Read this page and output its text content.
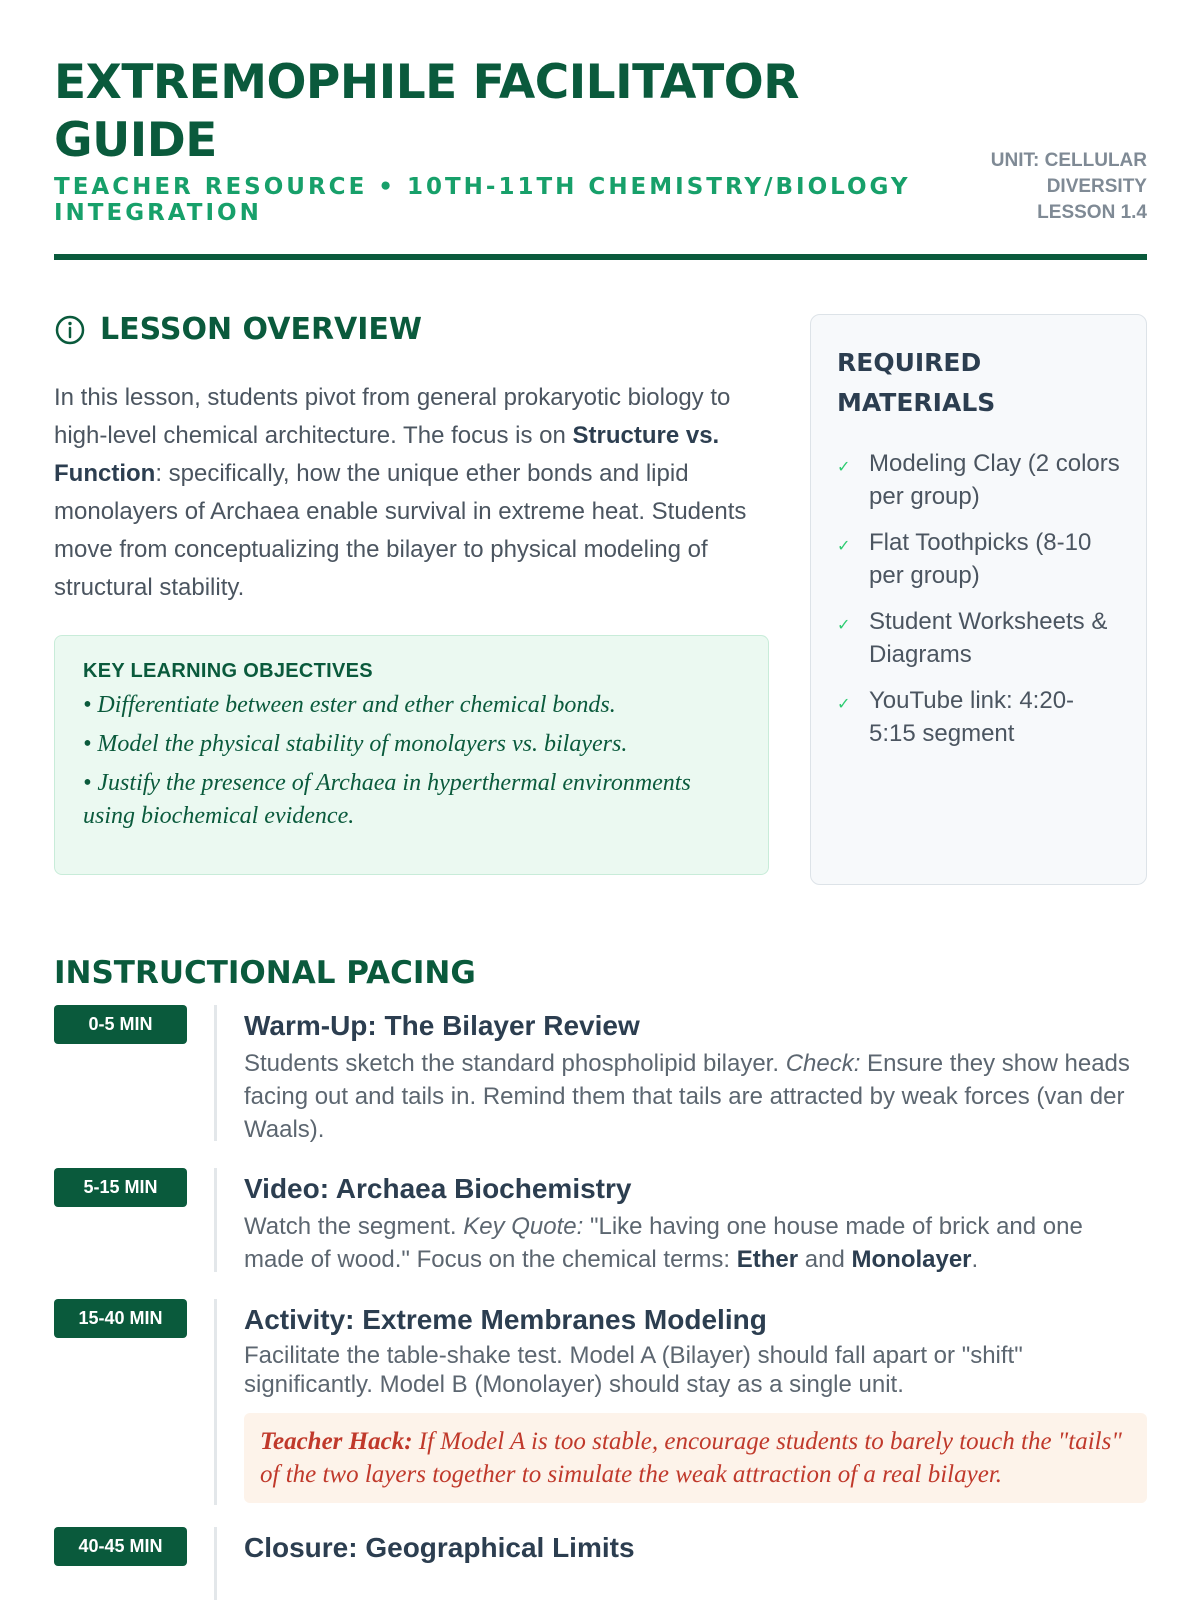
EXTREMOPHILE FACILITATOR GUIDE
TEACHER RESOURCE • 10TH-11TH CHEMISTRY/BIOLOGY INTEGRATION
UNIT: CELLULAR
DIVERSITY
LESSON 1.4
LESSON OVERVIEW
In this lesson, students pivot from general prokaryotic biology to high-level chemical architecture. The focus is on Structure vs. Function: specifically, how the unique ether bonds and lipid monolayers of Archaea enable survival in extreme heat. Students move from conceptualizing the bilayer to physical modeling of structural stability.
KEY LEARNING OBJECTIVES
• Differentiate between ester and ether chemical bonds.
• Model the physical stability of monolayers vs. bilayers.
• Justify the presence of Archaea in hyperthermal environments using biochemical evidence.
REQUIRED MATERIALS
✓ Modeling Clay (2 colors per group)
✓ Flat Toothpicks (8-10 per group)
✓ Student Worksheets & Diagrams
✓ YouTube link: 4:20-5:15 segment
INSTRUCTIONAL PACING
0-5 MIN	Warm-Up: The Bilayer Review
Students sketch the standard phospholipid bilayer. Check: Ensure they show heads facing out and tails in. Remind them that tails are attracted by weak forces (van der Waals).
5-15 MIN	Video: Archaea Biochemistry
Watch the segment. Key Quote: "Like having one house made of brick and one made of wood." Focus on the chemical terms: Ether and Monolayer.
15-40 MIN	Activity: Extreme Membranes Modeling
Facilitate the table-shake test. Model A (Bilayer) should fall apart or "shift" significantly. Model B (Monolayer) should stay as a single unit.
Teacher Hack: If Model A is too stable, encourage students to barely touch the "tails" of the two layers together to simulate the weak attraction of a real bilayer.
40-45 MIN	Closure: Geographical Limits
